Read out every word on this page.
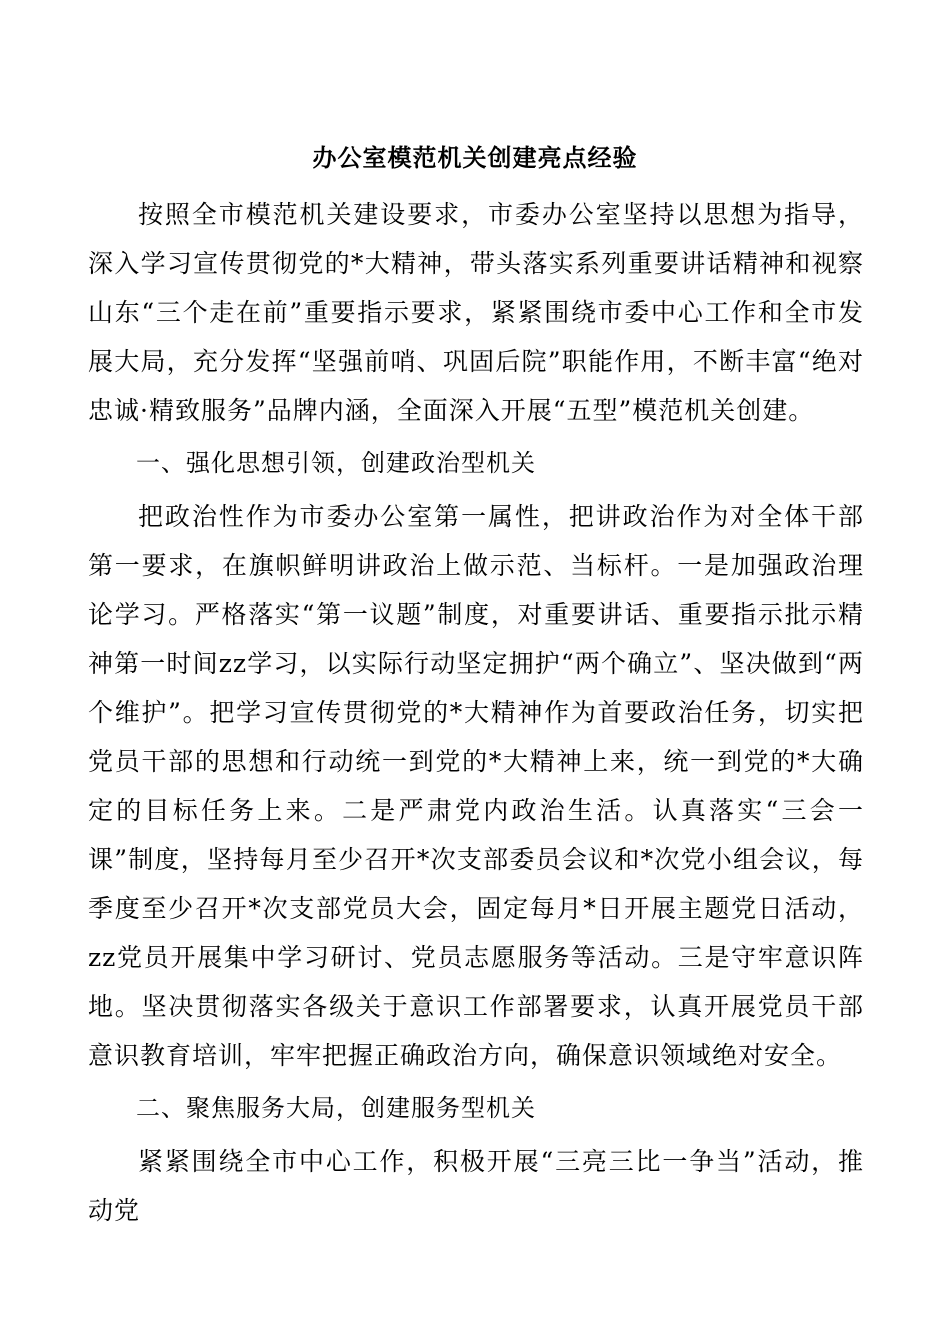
办公室模范机关创建亮点经验

按照全市模范机关建设要求，市委办公室坚持以思想为指导，深入学习宣传贯彻党的*大精神，带头落实系列重要讲话精神和视察山东“三个走在前”重要指示要求，紧紧围绕市委中心工作和全市发展大局，充分发挥“坚强前哨、巩固后院”职能作用，不断丰富“绝对忠诚·精致服务”品牌内涵，全面深入开展“五型”模范机关创建。

一、强化思想引领，创建政治型机关

把政治性作为市委办公室第一属性，把讲政治作为对全体干部第一要求，在旗帜鲜明讲政治上做示范、当标杆。一是加强政治理论学习。严格落实“第一议题”制度，对重要讲话、重要指示批示精神第一时间zz学习，以实际行动坚定拥护“两个确立”、坚决做到“两个维护”。把学习宣传贯彻党的*大精神作为首要政治任务，切实把党员干部的思想和行动统一到党的*大精神上来，统一到党的*大确定的目标任务上来。二是严肃党内政治生活。认真落实“三会一课”制度，坚持每月至少召开*次支部委员会议和*次党小组会议，每季度至少召开*次支部党员大会，固定每月*日开展主题党日活动，zz党员开展集中学习研讨、党员志愿服务等活动。三是守牢意识阵地。坚决贯彻落实各级关于意识工作部署要求，认真开展党员干部意识教育培训，牢牢把握正确政治方向，确保意识领域绝对安全。

二、聚焦服务大局，创建服务型机关

紧紧围绕全市中心工作，积极开展“三亮三比一争当”活动，推动党
